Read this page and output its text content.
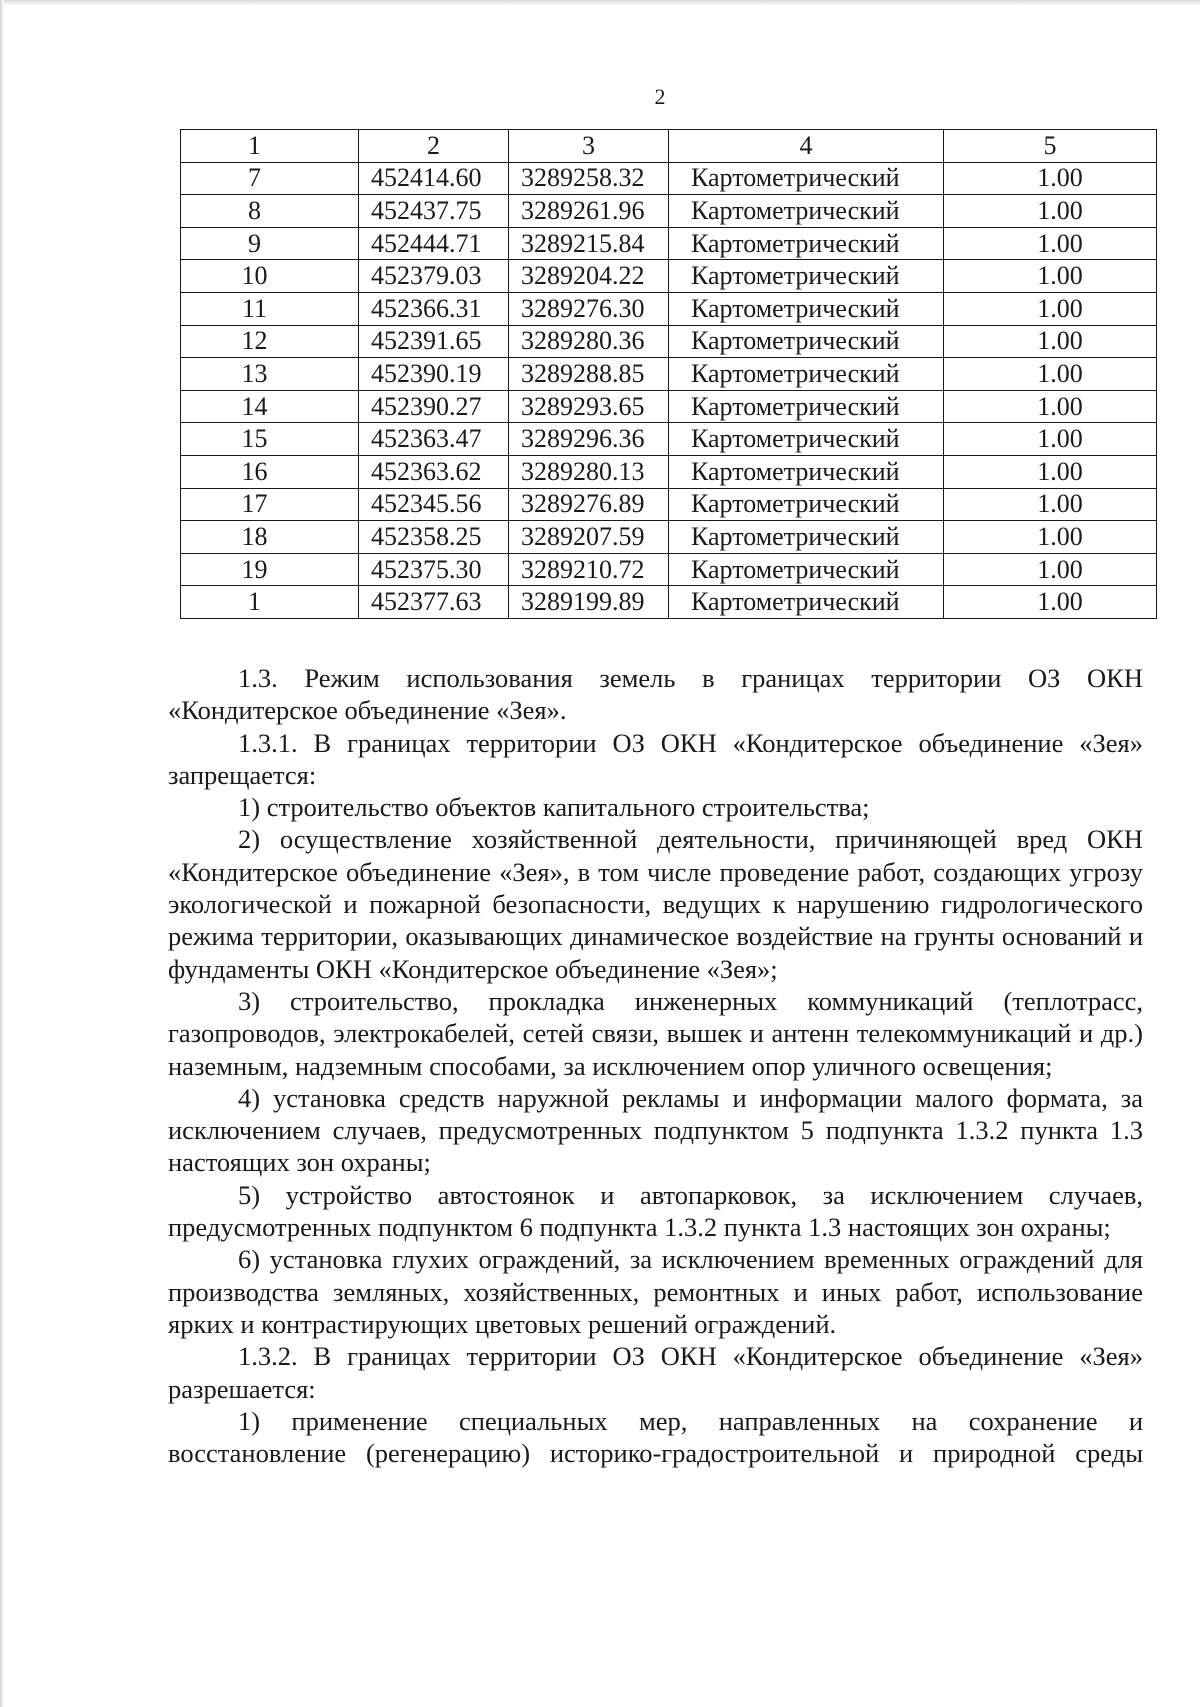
2
1	2	3	4	5
7	452414.60	3289258.32	Картометрический	1.00
8	452437.75	3289261.96	Картометрический	1.00
9	452444.71	3289215.84	Картометрический	1.00
10	452379.03	3289204.22	Картометрический	1.00
11	452366.31	3289276.30	Картометрический	1.00
12	452391.65	3289280.36	Картометрический	1.00
13	452390.19	3289288.85	Картометрический	1.00
14	452390.27	3289293.65	Картометрический	1.00
15	452363.47	3289296.36	Картометрический	1.00
16	452363.62	3289280.13	Картометрический	1.00
17	452345.56	3289276.89	Картометрический	1.00
18	452358.25	3289207.59	Картометрический	1.00
19	452375.30	3289210.72	Картометрический	1.00
1	452377.63	3289199.89	Картометрический	1.00

1.3. Режим использования земель в границах территории ОЗ ОКН «Кондитерское объединение «Зея».

1.3.1. В границах территории ОЗ ОКН «Кондитерское объединение «Зея» запрещается:

1) строительство объектов капитального строительства;

2) осуществление хозяйственной деятельности, причиняющей вред ОКН «Кондитерское объединение «Зея», в том числе проведение работ, создающих угрозу экологической и пожарной безопасности, ведущих к нарушению гидрологического режима территории, оказывающих динамическое воздействие на грунты оснований и фундаменты ОКН «Кондитерское объединение «Зея»;

3) строительство, прокладка инженерных коммуникаций (теплотрасс, газопроводов, электрокабелей, сетей связи, вышек и антенн телекоммуникаций и др.) наземным, надземным способами, за исключением опор уличного освещения;

4) установка средств наружной рекламы и информации малого формата, за исключением случаев, предусмотренных подпунктом 5 подпункта 1.3.2 пункта 1.3 настоящих зон охраны;

5) устройство автостоянок и автопарковок, за исключением случаев, предусмотренных подпунктом 6 подпункта 1.3.2 пункта 1.3 настоящих зон охраны;

6) установка глухих ограждений, за исключением временных ограждений для производства земляных, хозяйственных, ремонтных и иных работ, использование ярких и контрастирующих цветовых решений ограждений.

1.3.2. В границах территории ОЗ ОКН «Кондитерское объединение «Зея» разрешается:

1) применение специальных мер, направленных на сохранение и восстановление (регенерацию) историко-градостроительной и природной среды
